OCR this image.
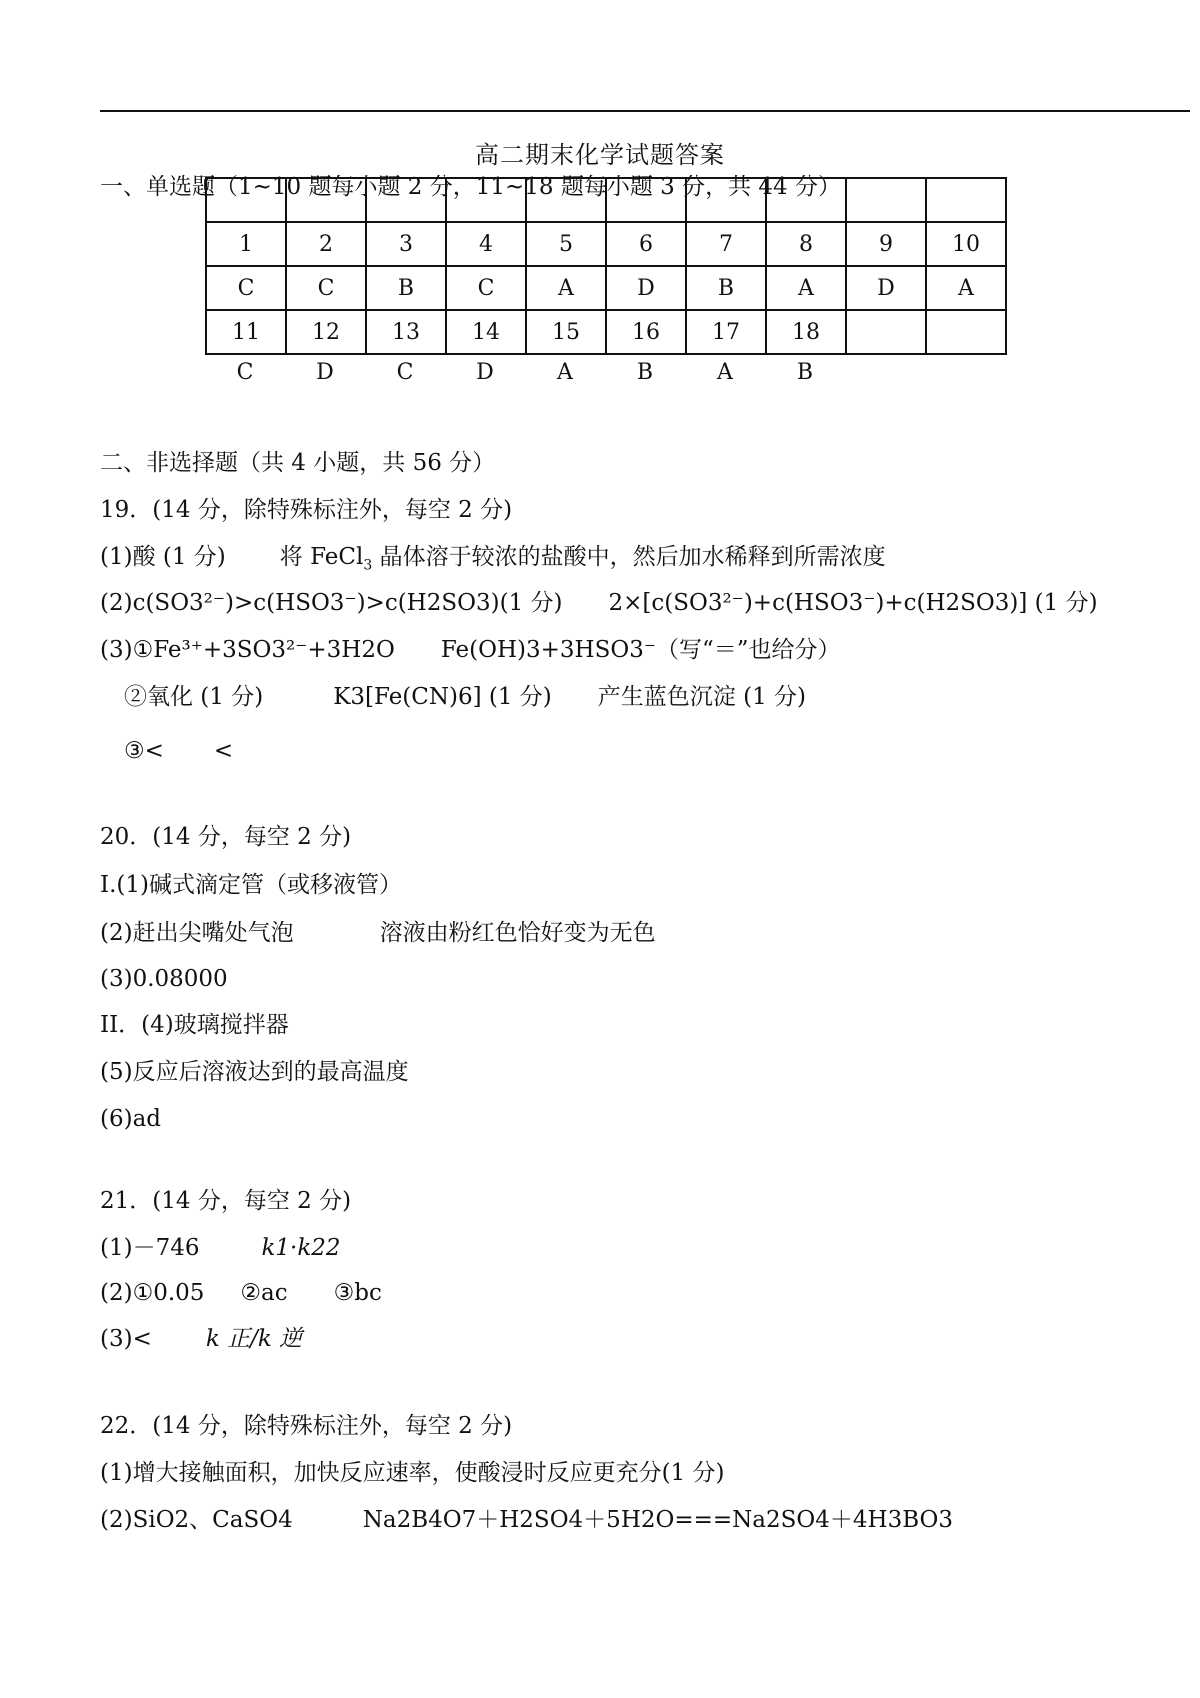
高二期末化学试题答案
一、单选题（1~10 题每小题 2 分，11~18 题每小题 3 分，共 44 分）

1	2	3	4	5	6	7	8	9	10
C	C	B	C	A	D	B	A	D	A
11	12	13	14	15	16	17	18		
C	D	C	D	A	B	A	B
二、非选择题（共 4 小题，共 56 分）
19．(14 分，除特殊标注外，每空 2 分)
(1)酸 (1 分) 将 FeCl$_3$ 晶体溶于较浓的盐酸中，然后加水稀释到所需浓度
(2)c(SO3²⁻)>c(HSO3⁻)>c(H2SO3)(1 分) 2×[c(SO3²⁻)+c(HSO3⁻)+c(H2SO3)] (1 分)
(3)①Fe³⁺+3SO3²⁻+3H2O Fe(OH)3+3HSO3⁻（写“＝”也给分）
②氧化 (1 分)	K3[Fe(CN)6] (1 分) 产生蓝色沉淀 (1 分)
③< <
20．(14 分，每空 2 分)
Ⅰ.(1)碱式滴定管（或移液管）
(2)赶出尖嘴处气泡	溶液由粉红色恰好变为无色
(3)0.08000
II．(4)玻璃搅拌器
(5)反应后溶液达到的最高温度
(6)ad
21．(14 分，每空 2 分)
(1)－746	k1·k22
(2)①0.05 ②ac ③bc
(3)< k 正/k 逆
22．(14 分，除特殊标注外，每空 2 分)
(1)增大接触面积，加快反应速率，使酸浸时反应更充分(1 分)
(2)SiO2、CaSO4	Na2B4O7＋H2SO4＋5H2O===Na2SO4＋4H3BO3
